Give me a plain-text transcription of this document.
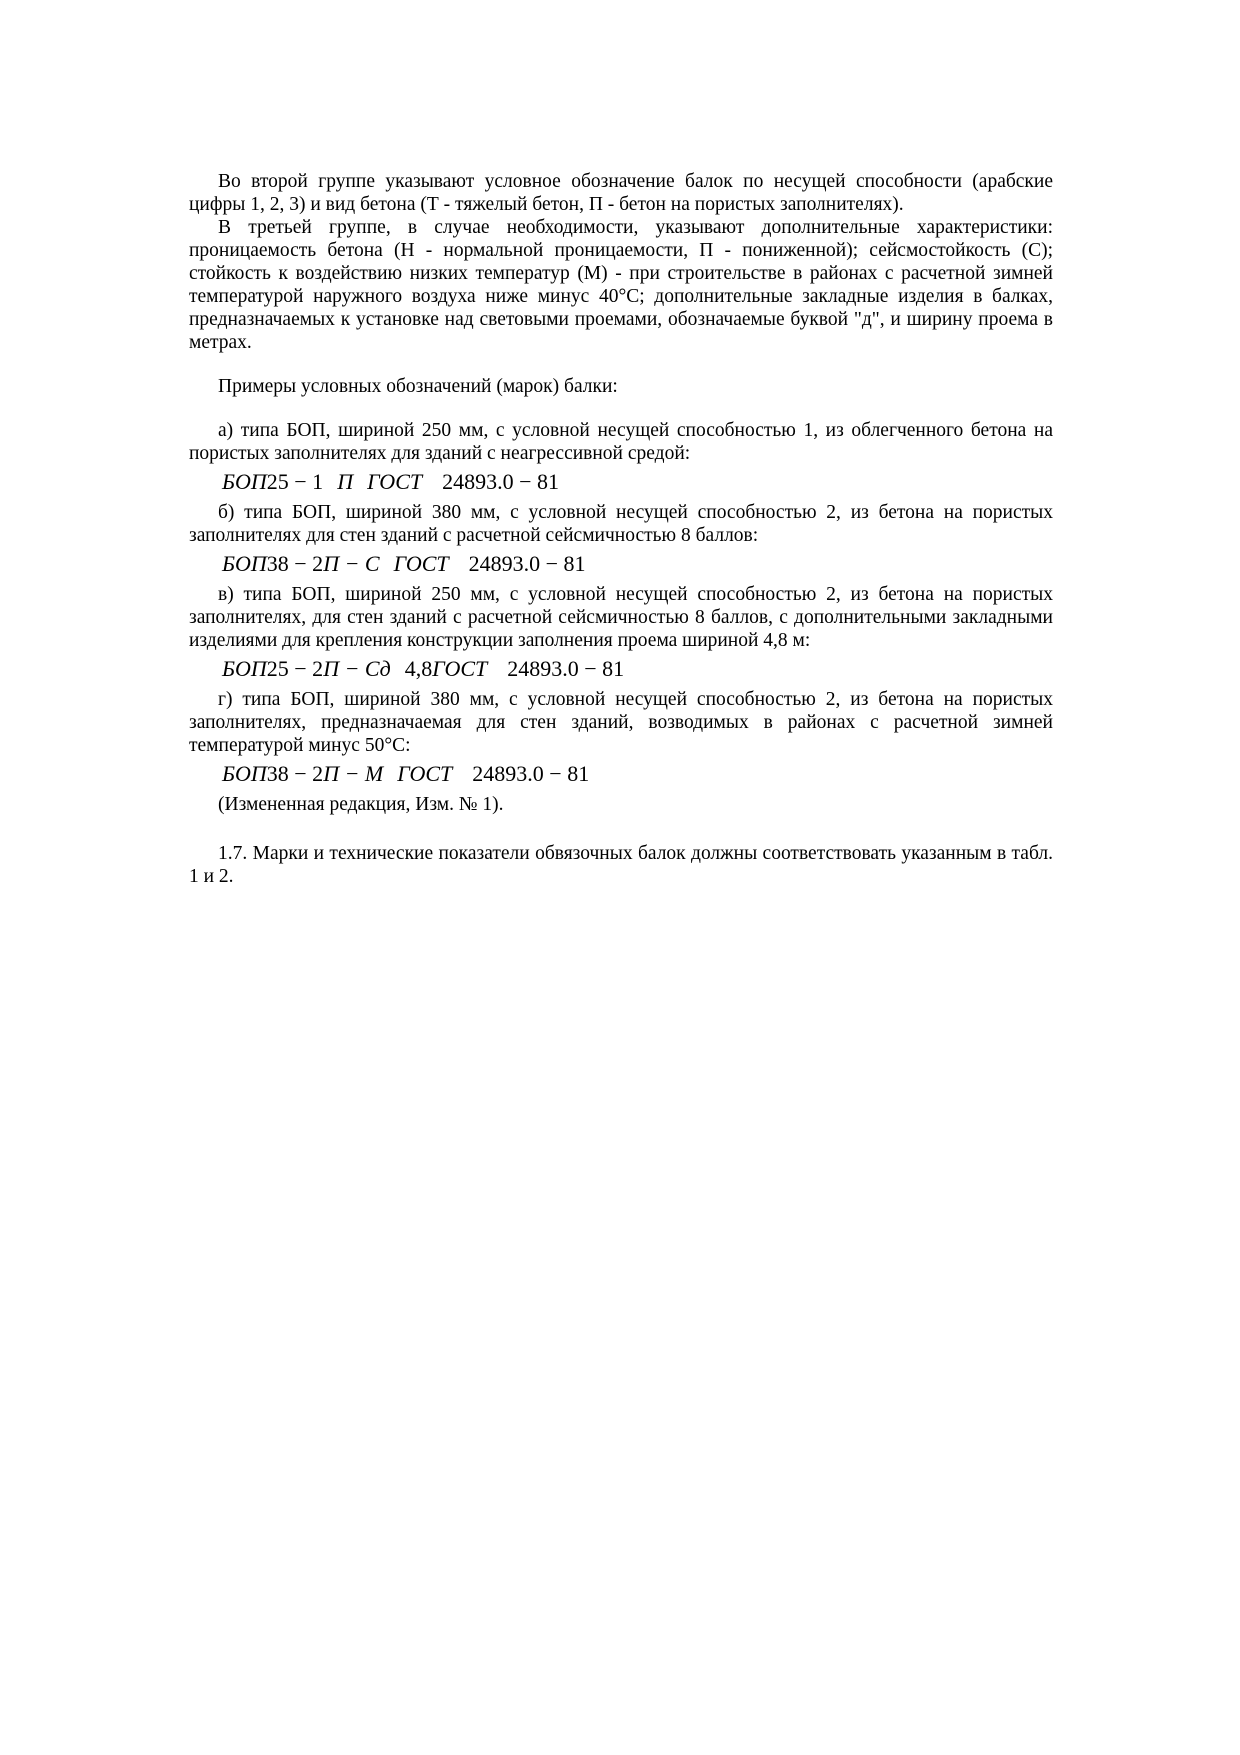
Во второй группе указывают условное обозначение балок по несущей способности (арабские цифры 1, 2, 3) и вид бетона (Т - тяжелый бетон, П - бетон на пористых заполнителях).

В третьей группе, в случае необходимости, указывают дополнительные характеристики: проницаемость бетона (Н - нормальной проницаемости, П - пониженной); сейсмостойкость (С); стойкость к воздействию низких температур (М) - при строительстве в районах с расчетной зимней температурой наружного воздуха ниже минус 40°С; дополнительные закладные изделия в балках, предназначаемых к установке над световыми проемами, обозначаемые буквой "д", и ширину проема в метрах.

Примеры условных обозначений (марок) балки:

а) типа БОП, шириной 250 мм, с условной несущей способностью 1, из облегченного бетона на пористых заполнителях для зданий с неагрессивной средой:

БОП25 − 1 П ГОСТ 24893.0 − 81

б) типа БОП, шириной 380 мм, с условной несущей способностью 2, из бетона на пористых заполнителях для стен зданий с расчетной сейсмичностью 8 баллов:

БОП38 − 2П − С ГОСТ 24893.0 − 81

в) типа БОП, шириной 250 мм, с условной несущей способностью 2, из бетона на пористых заполнителях, для стен зданий с расчетной сейсмичностью 8 баллов, с дополнительными закладными изделиями для крепления конструкции заполнения проема шириной 4,8 м:

БОП25 − 2П − Сд 4,8ГОСТ 24893.0 − 81

г) типа БОП, шириной 380 мм, с условной несущей способностью 2, из бетона на пористых заполнителях, предназначаемая для стен зданий, возводимых в районах с расчетной зимней температурой минус 50°С:

БОП38 − 2П − М ГОСТ 24893.0 − 81

(Измененная редакция, Изм. № 1).

1.7. Марки и технические показатели обвязочных балок должны соответствовать указанным в табл. 1 и 2.
